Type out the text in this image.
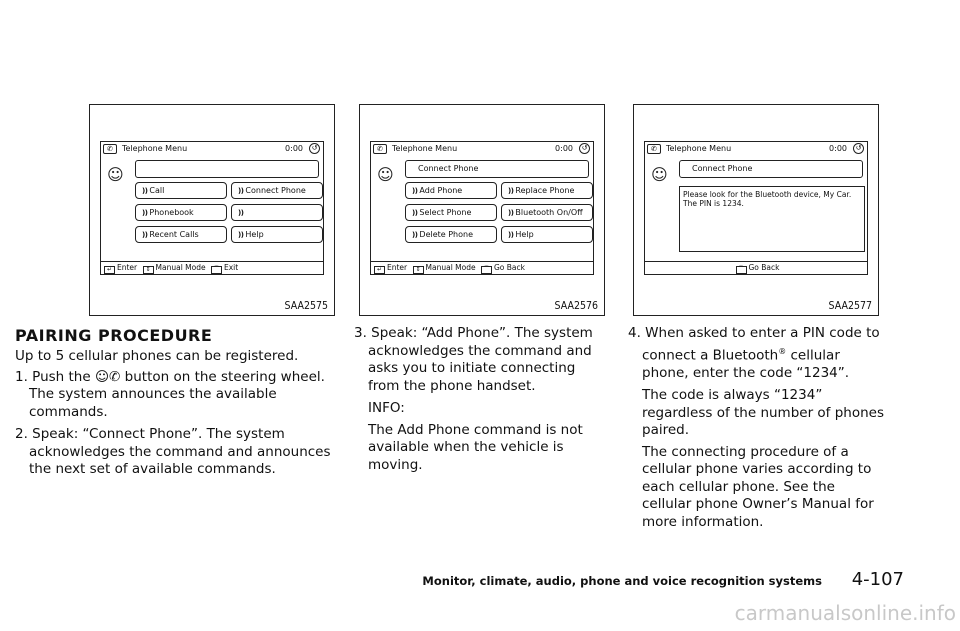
✆	Telephone Menu	0:00	↺
☺
)) Call	)) Connect Phone
)) Phonebook	))
)) Recent Calls	)) Help
↵ Enter ⇕ Manual Mode ⌒ Exit
SAA2575
✆	Telephone Menu	0:00	↺
☺	Connect Phone
)) Add Phone	)) Replace Phone
)) Select Phone	)) Bluetooth On/Off
)) Delete Phone	)) Help
↵ Enter ⇕ Manual Mode ⌒ Go Back
SAA2576
✆	Telephone Menu	0:00	↺
☺	Connect Phone
Please look for the Bluetooth device, My Car. The PIN is 1234.
⌒ Go Back
SAA2577
PAIRING PROCEDURE

Up to 5 cellular phones can be registered.

1. Push the ☺✆ button on the steering wheel. The system announces the available commands.
2. Speak: “Connect Phone”. The system acknowledges the command and announces the next set of available commands.
3. Speak: “Add Phone”. The system acknowledges the command and asks you to initiate connecting from the phone handset.
INFO:
The Add Phone command is not available when the vehicle is moving.
4. When asked to enter a PIN code to connect a Bluetooth® cellular phone, enter the code “1234”.
The code is always “1234” regardless of the number of phones paired.
The connecting procedure of a cellular phone varies according to each cellular phone. See the cellular phone Owner’s Manual for more information.
Monitor, climate, audio, phone and voice recognition systems 4-107
carmanualsonline.info
